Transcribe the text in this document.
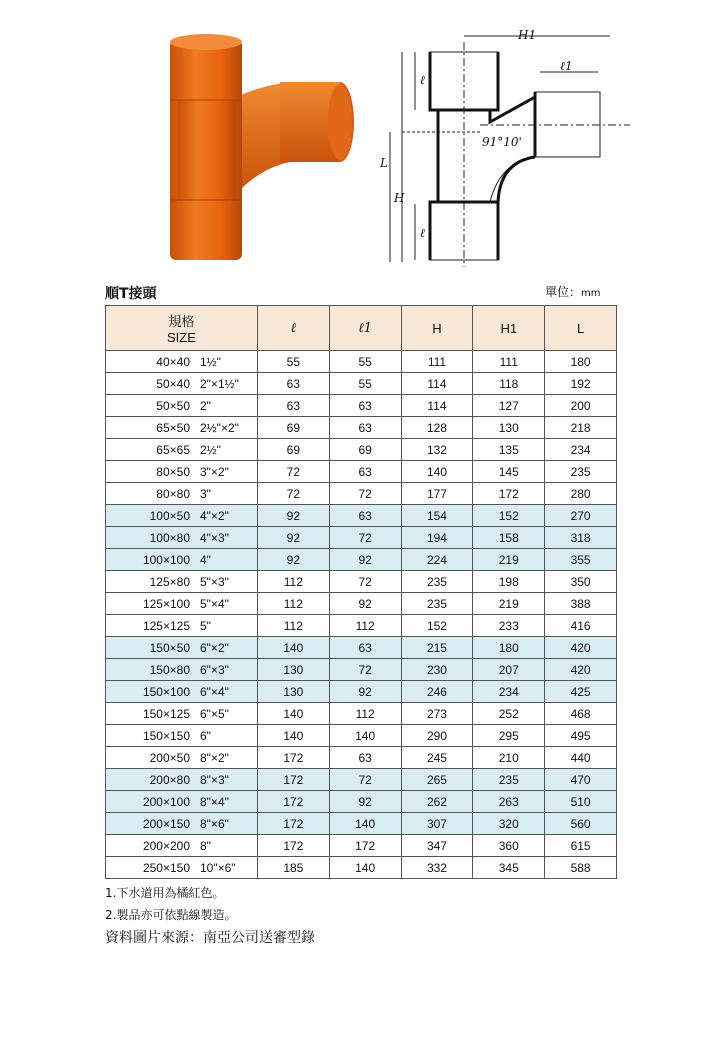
H1
ℓ1
ℓ
L
H
ℓ
91°10'
順T接頭	單位：mm
規格
SIZE	ℓ	ℓ1	H	H1	L
40×40 1½"	55	55	111	111	180
50×40 2"×1½"	63	55	114	118	192
50×50 2"	63	63	114	127	200
65×50 2½"×2"	69	63	128	130	218
65×65 2½"	69	69	132	135	234
80×50 3"×2"	72	63	140	145	235
80×80 3"	72	72	177	172	280
100×50 4"×2"	92	63	154	152	270
100×80 4"×3"	92	72	194	158	318
100×100 4"	92	92	224	219	355
125×80 5"×3"	112	72	235	198	350
125×100 5"×4"	112	92	235	219	388
125×125 5"	112	112	152	233	416
150×50 6"×2"	140	63	215	180	420
150×80 6"×3"	130	72	230	207	420
150×100 6"×4"	130	92	246	234	425
150×125 6"×5"	140	112	273	252	468
150×150 6"	140	140	290	295	495
200×50 8"×2"	172	63	245	210	440
200×80 8"×3"	172	72	265	235	470
200×100 8"×4"	172	92	262	263	510
200×150 8"×6"	172	140	307	320	560
200×200 8"	172	172	347	360	615
250×150 10"×6"	185	140	332	345	588
1.下水道用為橘紅色。
2.製品亦可依點線製造。
資料圖片來源：南亞公司送審型錄
